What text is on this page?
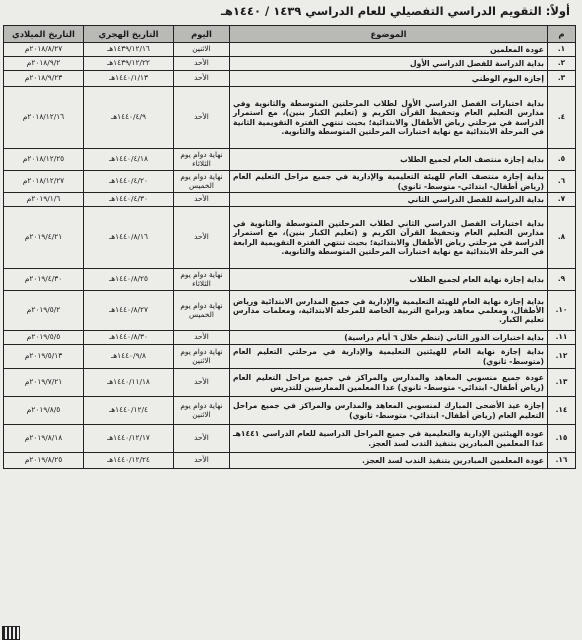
أولاً: التقويم الدراسي التفصيلي للعام الدراسي ١٤٣٩ / ١٤٤٠هـ
م	الموضوع	اليوم	التاريخ الهجري	التاريخ الميلادي
١.	عودة المعلمين	الاثنين	١٤٣٩/١٢/١٦هـ	٢٠١٨/٨/٢٧م
٢.	بداية الدراسة للفصل الدراسي الأول	الأحد	١٤٣٩/١٢/٢٢هـ	٢٠١٨/٩/٢م
٣.	إجازة اليوم الوطني	الأحد	١٤٤٠/١/١٣هـ	٢٠١٨/٩/٢٣م
٤.	بداية اختبارات الفصل الدراسي الأول لطلاب المرحلتين المتوسطة والثانوية وفي مدارس التعليم العام وتحفيظ القرآن الكريم و (تعليم الكبار بنين)، مع استمرار الدراسة في مرحلتي رياض الأطفال والابتدائية؛ بحيث تنتهي الفترة التقويمية الثانية في المرحلة الابتدائية مع نهاية اختبارات المرحلتين المتوسطة والثانوية.	الأحد	١٤٤٠/٤/٩هـ	٢٠١٨/١٢/١٦م
٥.	بداية إجازة منتصف العام لجميع الطلاب	نهاية دوام يوم الثلاثاء	١٤٤٠/٤/١٨هـ	٢٠١٨/١٢/٢٥م
٦.	بداية إجازة منتصف العام للهيئة التعليمية والإدارية في جميع مراحل التعليم العام (رياض أطفال- ابتدائي- متوسط- ثانوي)	نهاية دوام يوم الخميس	١٤٤٠/٤/٢٠هـ	٢٠١٨/١٢/٢٧م
٧.	بداية الدراسة للفصل الدراسي الثاني	الأحد	١٤٤٠/٤/٣٠هـ	٢٠١٩/١/٦م
٨.	بداية اختبارات الفصل الدراسي الثاني لطلاب المرحلتين المتوسطة والثانوية في مدارس التعليم العام وتحفيظ القرآن الكريم و (تعليم الكبار بنين)، مع استمرار الدراسة في مرحلتي رياض الأطفال والابتدائية؛ بحيث تنتهي الفترة التقويمية الرابعة في المرحلة الابتدائية مع نهاية اختبارات المرحلتين المتوسطة والثانوية.	الأحد	١٤٤٠/٨/١٦هـ	٢٠١٩/٤/٢١م
٩.	بداية إجازة نهاية العام لجميع الطلاب	نهاية دوام يوم الثلاثاء	١٤٤٠/٨/٢٥هـ	٢٠١٩/٤/٣٠م
١٠.	بداية إجازة نهاية العام للهيئة التعليمية والإدارية في جميع المدارس الابتدائية ورياض الأطفال، ومعلمي معاهد وبرامج التربية الخاصة للمرحلة الابتدائية، ومعلمات مدارس تعليم الكبار.	نهاية دوام يوم الخميس	١٤٤٠/٨/٢٧هـ	٢٠١٩/٥/٢م
١١.	بداية اختبارات الدور الثاني (تنظم خلال ٦ أيام دراسية)	الأحد	١٤٤٠/٨/٣٠هـ	٢٠١٩/٥/٥م
١٢.	بداية إجازة نهاية العام للهيئتين التعليمية والإدارية في مرحلتي التعليم العام (متوسط- ثانوي)	نهاية دوام يوم الاثنين	١٤٤٠/٩/٨هـ	٢٠١٩/٥/١٣م
١٣.	عودة جميع منسوبي المعاهد والمدارس والمراكز في جميع مراحل التعليم العام (رياض أطفال- ابتدائي- متوسط- ثانوي) عدا المعلمين الممارسين للتدريس	الأحد	١٤٤٠/١١/١٨هـ	٢٠١٩/٧/٢١م
١٤.	إجازة عيد الأضحى المبارك لمنسوبي المعاهد والمدارس والمراكز في جميع مراحل التعليم العام (رياض أطفال- ابتدائي- متوسط- ثانوي)	نهاية دوام يوم الاثنين	١٤٤٠/١٢/٤هـ	٢٠١٩/٨/٥م
١٥.	عودة الهيئتين الإدارية والتعليمية في جميع المراحل الدراسية للعام الدراسي ١٤٤١هـ عدا المعلمين المبادرين بتنفيذ التدب لسد العجز.	الأحد	١٤٤٠/١٢/١٧هـ	٢٠١٩/٨/١٨م
١٦.	عودة المعلمين المبادرين بتنفيذ الندب لسد العجز.	الأحد	١٤٤٠/١٢/٢٤هـ	٢٠١٩/٨/٢٥م
